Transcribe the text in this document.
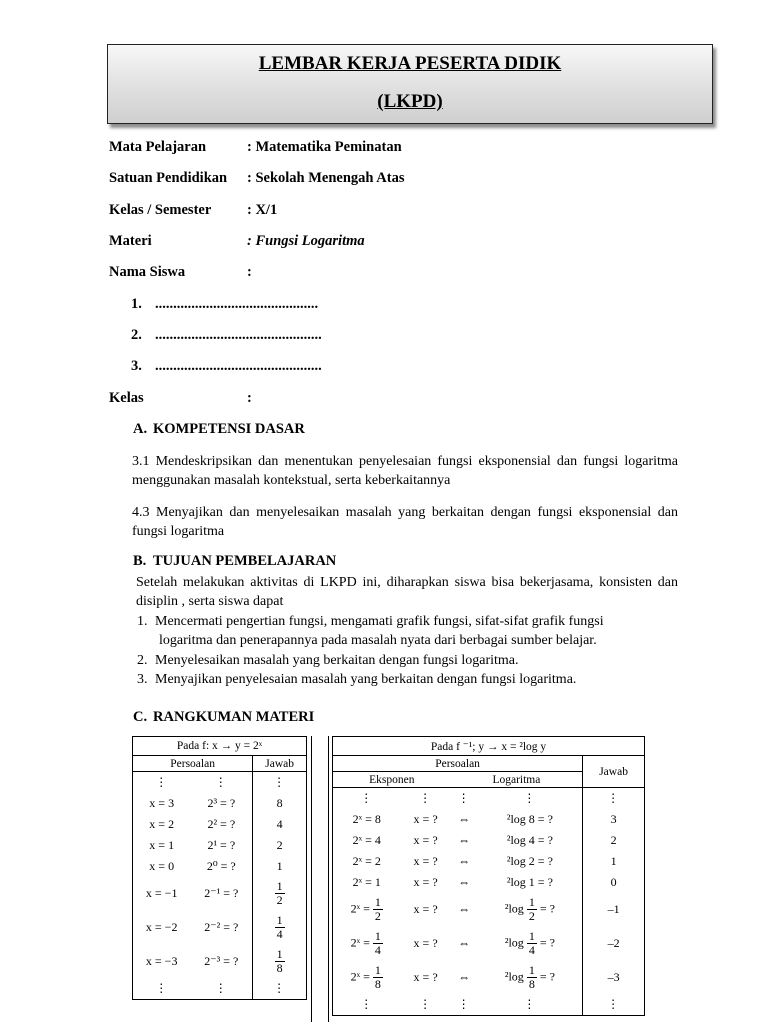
LEMBAR KERJA PESERTA DIDIK
(LKPD)
Mata Pelajaran	: Matematika Peminatan
Satuan Pendidikan : Sekolah Menengah Atas
Kelas / Semester : X/1
Materi	: Fungsi Logaritma
Nama Siswa	:
1. .............................................
2. ..............................................
3. ..............................................
Kelas	:
A. KOMPETENSI DASAR
3.1 Mendeskripsikan dan menentukan penyelesaian fungsi eksponensial dan fungsi logaritma menggunakan masalah kontekstual, serta keberkaitannya
4.3 Menyajikan dan menyelesaikan masalah yang berkaitan dengan fungsi eksponensial dan fungsi logaritma
B. TUJUAN PEMBELAJARAN
Setelah melakukan aktivitas di LKPD ini, diharapkan siswa bisa bekerjasama, konsisten dan disiplin , serta siswa dapat
1. Mencermati pengertian fungsi, mengamati grafik fungsi, sifat-sifat grafik fungsi
logaritma dan penerapannya pada masalah nyata dari berbagai sumber belajar.
2. Menyelesaikan masalah yang berkaitan dengan fungsi logaritma.
3. Menyajikan penyelesaian masalah yang berkaitan dengan fungsi logaritma.
C. RANGKUMAN MATERI
Pada f: x → y = 2ˣ		
Persoalan		Jawab
⋮	⋮	⋮
x = 3	2³ = ?	8
x = 2	2² = ?	4
x = 1	2¹ = ?	2
x = 0	2⁰ = ?	1
x = −1	2⁻¹ = ?	$\frac{1}{2}$

x = −2	2⁻² = ?	$\frac{1}{4}$

x = −3	2⁻³ = ?	$\frac{1}{8}$

⋮	⋮	⋮
Pada f ⁻¹; y → x = ²log y				
Persoalan				Jawab
Eksponen		Logaritma		
⋮	⋮	⋮	⋮	⋮
2ˣ = 8	x = ?	⇔	²log 8 = ?	3
2ˣ = 4	x = ?	⇔	²log 4 = ?	2
2ˣ = 2	x = ?	⇔	²log 2 = ?	1
2ˣ = 1	x = ?	⇔	²log 1 = ?	0
2ˣ = $\frac{1}{2}$	x = ?	⇔	$^2\log \frac{1}{2}$ = ?	–1
2ˣ = $\frac{1}{4}$	x = ?	⇔	$^2\log \frac{1}{4}$ = ?	–2
2ˣ = $\frac{1}{8}$	x = ?	⇔	$^2\log \frac{1}{8}$ = ?	–3
⋮	⋮	⋮	⋮	⋮
